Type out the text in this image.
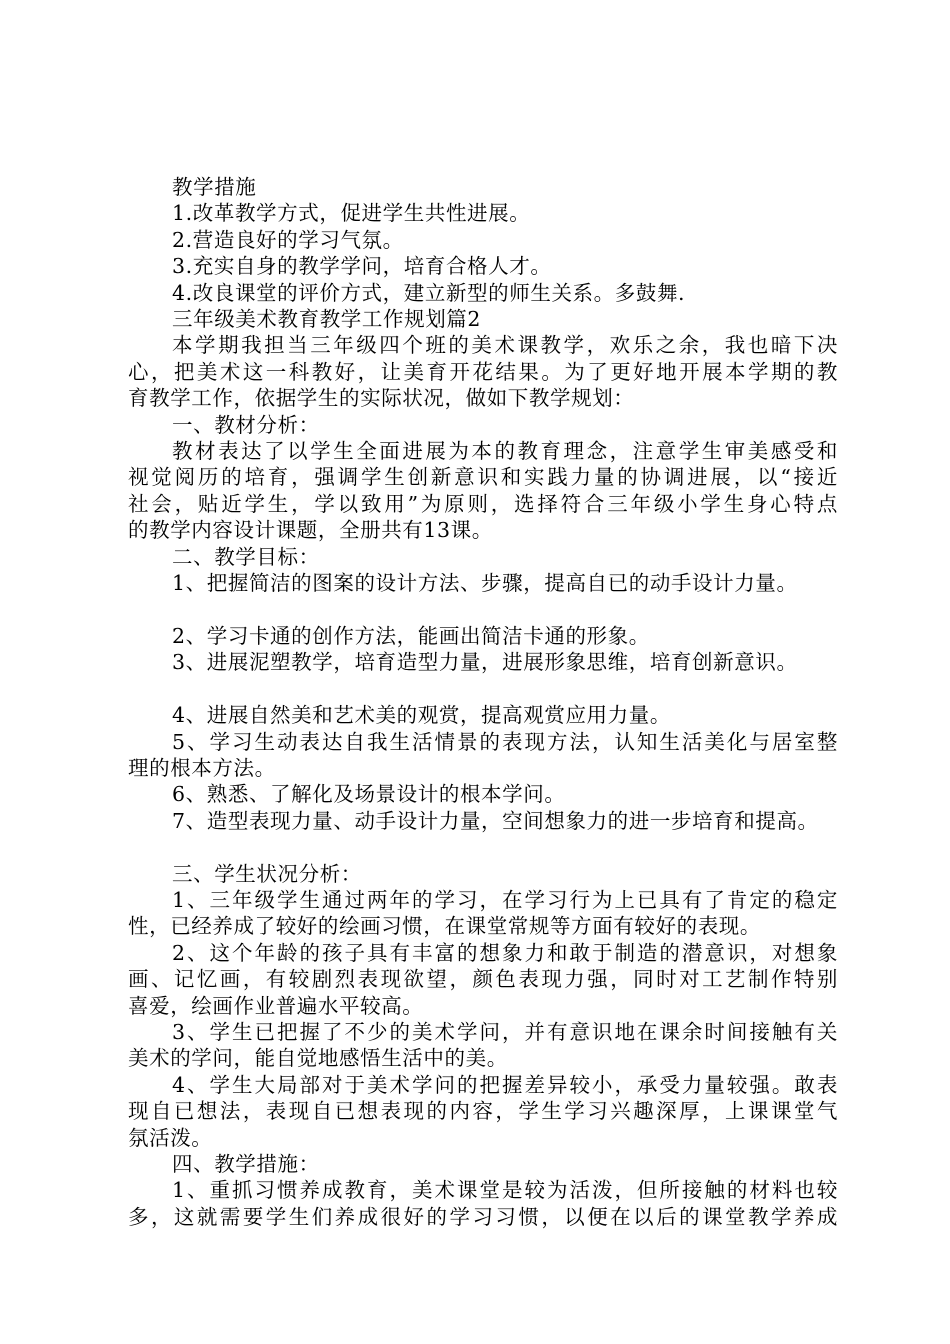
教学措施
1.改革教学方式，促进学生共性进展。
2.营造良好的学习气氛。
3.充实自身的教学学问，培育合格人才。
4.改良课堂的评价方式，建立新型的师生关系。多鼓舞.
三年级美术教育教学工作规划篇2
本学期我担当三年级四个班的美术课教学，欢乐之余，我也暗下决
心，把美术这一科教好，让美育开花结果。为了更好地开展本学期的教
育教学工作，依据学生的实际状况，做如下教学规划：
一、教材分析：
教材表达了以学生全面进展为本的教育理念，注意学生审美感受和
视觉阅历的培育，强调学生创新意识和实践力量的协调进展，以“接近
社会，贴近学生，学以致用”为原则，选择符合三年级小学生身心特点
的教学内容设计课题，全册共有13课。
二、教学目标：
1、把握简洁的图案的设计方法、步骤，提高自已的动手设计力量。
2、学习卡通的创作方法，能画出简洁卡通的形象。
3、进展泥塑教学，培育造型力量，进展形象思维，培育创新意识。
4、进展自然美和艺术美的观赏，提高观赏应用力量。
5、学习生动表达自我生活情景的表现方法，认知生活美化与居室整
理的根本方法。
6、熟悉、了解化及场景设计的根本学问。
7、造型表现力量、动手设计力量，空间想象力的进一步培育和提高。
三、学生状况分析：
1、三年级学生通过两年的学习，在学习行为上已具有了肯定的稳定
性，已经养成了较好的绘画习惯，在课堂常规等方面有较好的表现。
2、这个年龄的孩子具有丰富的想象力和敢于制造的潜意识，对想象
画、记忆画，有较剧烈表现欲望，颜色表现力强，同时对工艺制作特别
喜爱，绘画作业普遍水平较高。
3、学生已把握了不少的美术学问，并有意识地在课余时间接触有关
美术的学问，能自觉地感悟生活中的美。
4、学生大局部对于美术学问的把握差异较小，承受力量较强。敢表
现自已想法，表现自已想表现的内容，学生学习兴趣深厚，上课课堂气
氛活泼。
四、教学措施：
1、重抓习惯养成教育，美术课堂是较为活泼，但所接触的材料也较
多，这就需要学生们养成很好的学习习惯，以便在以后的课堂教学养成
